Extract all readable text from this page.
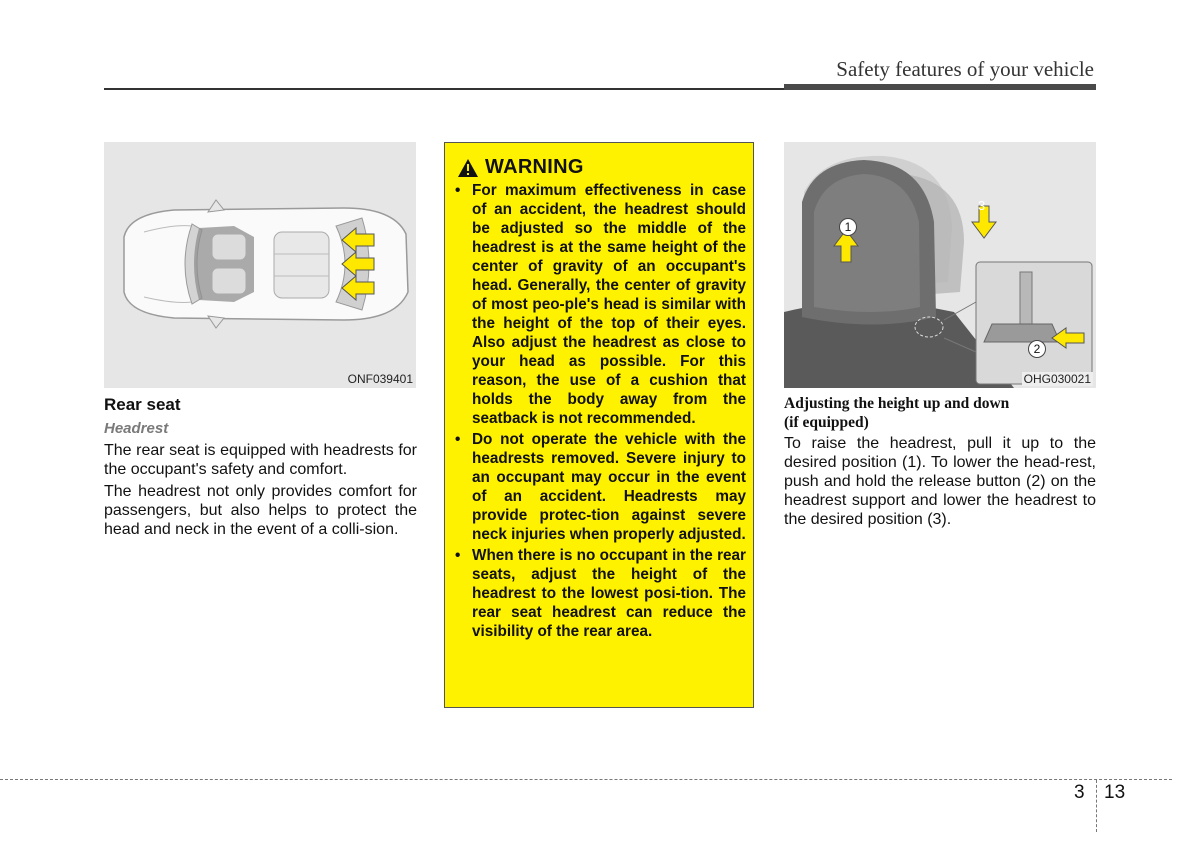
Safety features of your vehicle
ONF039401
Rear seat
Headrest

The rear seat is equipped with headrests for the occupant's safety and comfort.

The headrest not only provides comfort for passengers, but also helps to protect the head and neck in the event of a colli-sion.

WARNING
• For maximum effectiveness in case of an accident, the headrest should be adjusted so the middle of the headrest is at the same height of the center of gravity of an occupant's head. Generally, the center of gravity of most peo-ple's head is similar with the height of the top of their eyes. Also adjust the headrest as close to your head as possible. For this reason, the use of a cushion that holds the body away from the seatback is not recommended.
• Do not operate the vehicle with the headrests removed. Severe injury to an occupant may occur in the event of an accident. Headrests may provide protec-tion against severe neck injuries when properly adjusted.
• When there is no occupant in the rear seats, adjust the height of the headrest to the lowest posi-tion. The rear seat headrest can reduce the visibility of the rear area.
1
3
2
OHG030021
Adjusting the height up and down
(if equipped)

To raise the headrest, pull it up to the desired position (1). To lower the head-rest, push and hold the release button (2) on the headrest support and lower the headrest to the desired position (3).

3 13
